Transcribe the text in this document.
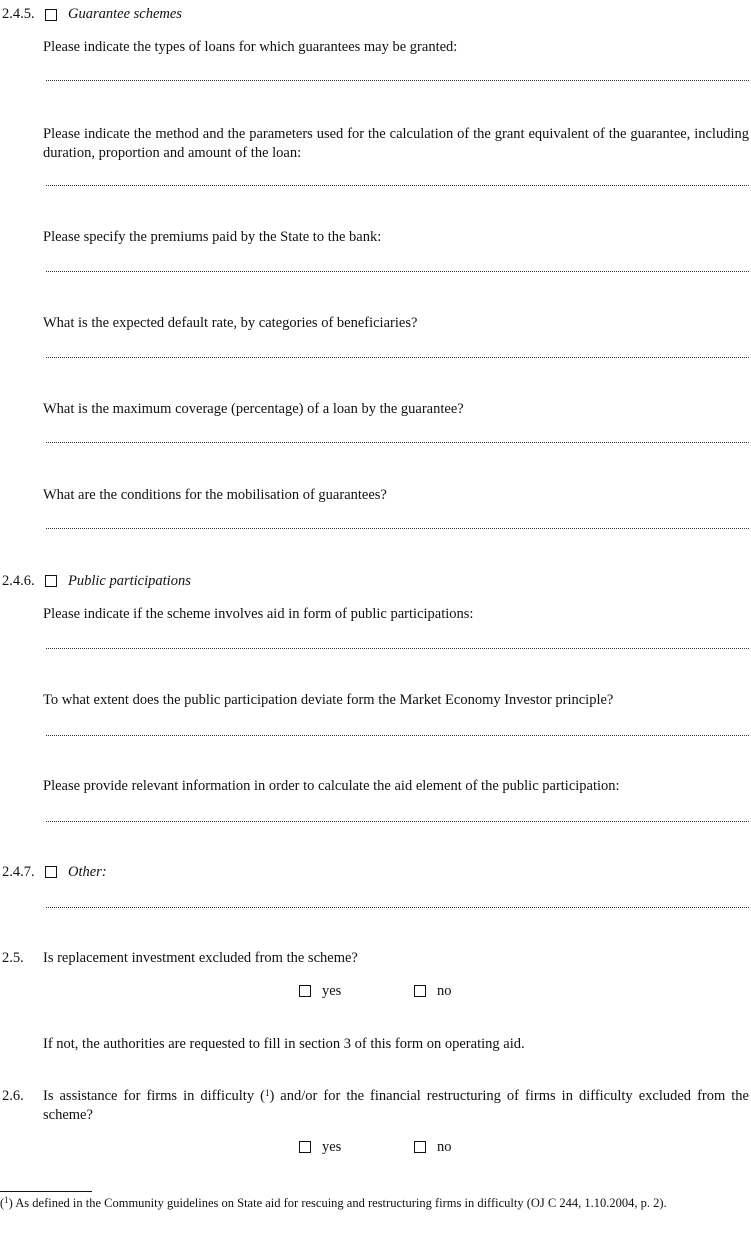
2.4.5. Guarantee schemes
Please indicate the types of loans for which guarantees may be granted:
Please indicate the method and the parameters used for the calculation of the grant equivalent of the guarantee, including duration, proportion and amount of the loan:
Please specify the premiums paid by the State to the bank:
What is the expected default rate, by categories of beneficiaries?
What is the maximum coverage (percentage) of a loan by the guarantee?
What are the conditions for the mobilisation of guarantees?
2.4.6. Public participations
Please indicate if the scheme involves aid in form of public participations:
To what extent does the public participation deviate form the Market Economy Investor principle?
Please provide relevant information in order to calculate the aid element of the public participation:
2.4.7. Other:
2.5. Is replacement investment excluded from the scheme?
yes	no
If not, the authorities are requested to fill in section 3 of this form on operating aid.
2.6. Is assistance for firms in difficulty ($^1$) and/or for the financial restructuring of firms in difficulty excluded from the scheme?
yes	no
($^1$) As defined in the Community guidelines on State aid for rescuing and restructuring firms in difficulty (OJ C 244, 1.10.2004, p. 2).
